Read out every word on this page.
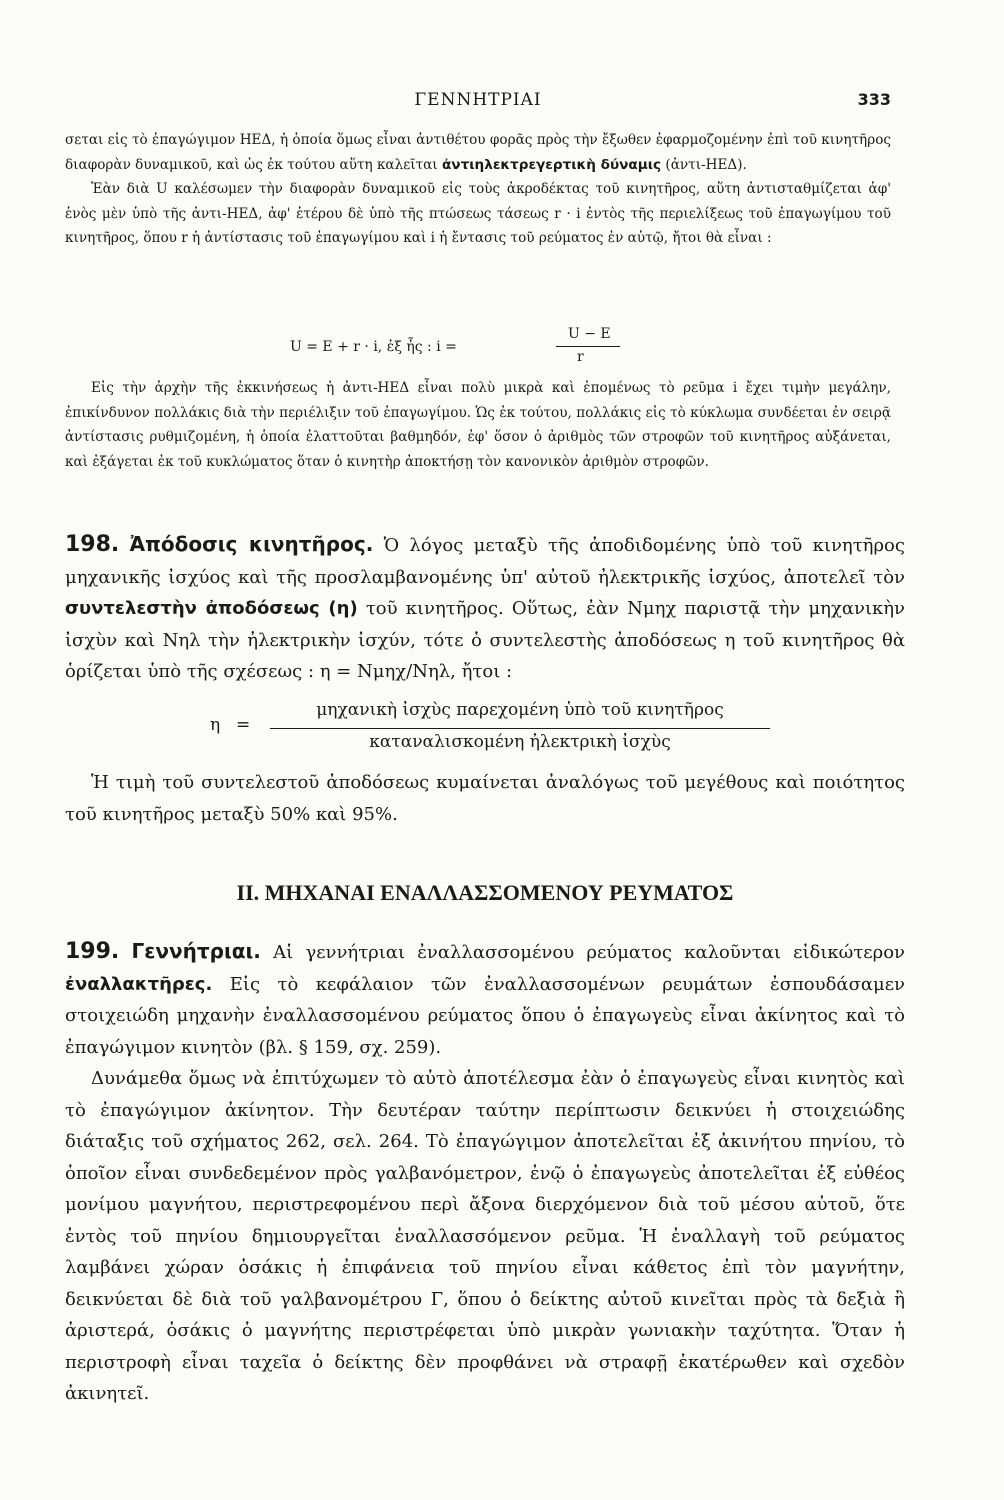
ΓΕΝΝΗΤΡΙΑΙ	333

σεται εἰς τὸ ἐπαγώγιμον ΗΕΔ, ἡ ὁποία ὅμως εἶναι ἀντιθέτου φορᾶς πρὸς τὴν ἔξωθεν ἐφαρμοζομένην ἐπὶ τοῦ κινητῆρος διαφορὰν δυναμικοῦ, καὶ ὡς ἐκ τούτου αὕτη καλεῖται ἀντιηλεκτρεγερτικὴ δύναμις (ἀντι-ΗΕΔ).

Ἐὰν διὰ U καλέσωμεν τὴν διαφορὰν δυναμικοῦ εἰς τοὺς ἀκροδέκτας τοῦ κινητῆρος, αὕτη ἀντισταθμίζεται ἀφ' ἑνὸς μὲν ὑπὸ τῆς ἀντι-ΗΕΔ, ἀφ' ἑτέρου δὲ ὑπὸ τῆς πτώσεως τάσεως r · i ἐντὸς τῆς περιελίξεως τοῦ ἐπαγωγίμου τοῦ κινητῆρος, ὅπου r ἡ ἀντίστασις τοῦ ἐπαγωγίμου καὶ i ἡ ἔντασις τοῦ ρεύματος ἐν αὐτῷ, ἤτοι θὰ εἶναι :

U = E + r · i, ἐξ ἧς : i =
U − E
r

Εἰς τὴν ἀρχὴν τῆς ἐκκινήσεως ἡ ἀντι-ΗΕΔ εἶναι πολὺ μικρὰ καὶ ἐπομένως τὸ ρεῦμα i ἔχει τιμὴν μεγάλην, ἐπικίνδυνον πολλάκις διὰ τὴν περιέλιξιν τοῦ ἐπαγωγίμου. Ὡς ἐκ τούτου, πολλάκις εἰς τὸ κύκλωμα συνδέεται ἐν σειρᾷ ἀντίστασις ρυθμιζομένη, ἡ ὁποία ἐλαττοῦται βαθμηδόν, ἐφ' ὅσον ὁ ἀριθμὸς τῶν στροφῶν τοῦ κινητῆρος αὐξάνεται, καὶ ἐξάγεται ἐκ τοῦ κυκλώματος ὅταν ὁ κινητὴρ ἀποκτήσῃ τὸν κανονικὸν ἀριθμὸν στροφῶν.

198. Ἀπόδοσις κινητῆρος. Ὁ λόγος μεταξὺ τῆς ἀποδιδομένης ὑπὸ τοῦ κινητῆρος μηχανικῆς ἰσχύος καὶ τῆς προσλαμβανομένης ὑπ' αὐτοῦ ἠλεκτρικῆς ἰσχύος, ἀποτελεῖ τὸν συντελεστὴν ἀποδόσεως (η) τοῦ κινητῆρος. Οὕτως, ἐὰν Nμηχ παριστᾷ τὴν μηχανικὴν ἰσχὺν καὶ Nηλ τὴν ἠλεκτρικὴν ἰσχύν, τότε ὁ συντελεστὴς ἀποδόσεως η τοῦ κινητῆρος θὰ ὁρίζεται ὑπὸ τῆς σχέσεως : η = Nμηχ/Nηλ, ἤτοι :

η =
μηχανικὴ ἰσχὺς παρεχομένη ὑπὸ τοῦ κινητῆρος
καταναλισκομένη ἠλεκτρικὴ ἰσχὺς

Ἡ τιμὴ τοῦ συντελεστοῦ ἀποδόσεως κυμαίνεται ἀναλόγως τοῦ μεγέθους καὶ ποιότητος τοῦ κινητῆρος μεταξὺ 50% καὶ 95%.

ΙΙ. ΜΗΧΑΝΑΙ ΕΝΑΛΛΑΣΣΟΜΕΝΟΥ ΡΕΥΜΑΤΟΣ

199. Γεννήτριαι. Αἱ γεννήτριαι ἐναλλασσομένου ρεύματος καλοῦνται εἰδικώτερον ἐναλλακτῆρες. Εἰς τὸ κεφάλαιον τῶν ἐναλλασσομένων ρευμάτων ἐσπουδάσαμεν στοιχειώδη μηχανὴν ἐναλλασσομένου ρεύματος ὅπου ὁ ἐπαγωγεὺς εἶναι ἀκίνητος καὶ τὸ ἐπαγώγιμον κινητὸν (βλ. § 159, σχ. 259).

Δυνάμεθα ὅμως νὰ ἐπιτύχωμεν τὸ αὐτὸ ἀποτέλεσμα ἐὰν ὁ ἐπαγωγεὺς εἶναι κινητὸς καὶ τὸ ἐπαγώγιμον ἀκίνητον. Τὴν δευτέραν ταύτην περίπτωσιν δεικνύει ἡ στοιχειώδης διάταξις τοῦ σχήματος 262, σελ. 264. Τὸ ἐπαγώγιμον ἀποτελεῖται ἐξ ἀκινήτου πηνίου, τὸ ὁποῖον εἶναι συνδεδεμένον πρὸς γαλβανόμετρον, ἐνῷ ὁ ἐπαγωγεὺς ἀποτελεῖται ἐξ εὐθέος μονίμου μαγνήτου, περιστρεφομένου περὶ ἄξονα διερχόμενον διὰ τοῦ μέσου αὐτοῦ, ὅτε ἐντὸς τοῦ πηνίου δημιουργεῖται ἐναλλασσόμενον ρεῦμα. Ἡ ἐναλλαγὴ τοῦ ρεύματος λαμβάνει χώραν ὁσάκις ἡ ἐπιφάνεια τοῦ πηνίου εἶναι κάθετος ἐπὶ τὸν μαγνήτην, δεικνύεται δὲ διὰ τοῦ γαλβανομέτρου Γ, ὅπου ὁ δείκτης αὐτοῦ κινεῖται πρὸς τὰ δεξιὰ ἢ ἀριστερά, ὁσάκις ὁ μαγνήτης περιστρέφεται ὑπὸ μικρὰν γωνιακὴν ταχύτητα. Ὅταν ἡ περιστροφὴ εἶναι ταχεῖα ὁ δείκτης δὲν προφθάνει νὰ στραφῇ ἑκατέρωθεν καὶ σχεδὸν ἀκινητεῖ.
